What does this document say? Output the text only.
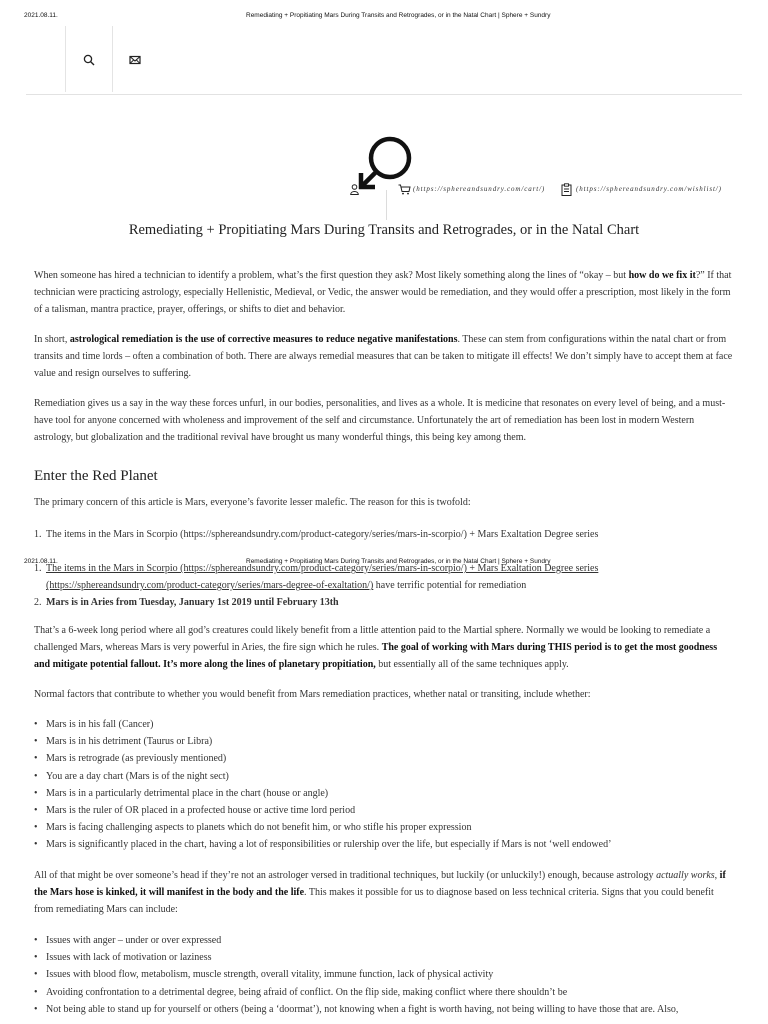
2021.08.11.	Remediating + Propitiating Mars During Transits and Retrogrades, or in the Natal Chart | Sphere + Sundry
(https://sphereandsundry.com/cart/)	(https://sphereandsundry.com/wishlist/)
Remediating + Propitiating Mars During Transits and Retrogrades, or in the Natal Chart

When someone has hired a technician to identify a problem, what’s the first question they ask? Most likely something along the lines of “okay – but how do we fix it?” If that technician were practicing astrology, especially Hellenistic, Medieval, or Vedic, the answer would be remediation, and they would offer a prescription, most likely in the form of a talisman, mantra practice, prayer, offerings, or shifts to diet and behavior.

In short, astrological remediation is the use of corrective measures to reduce negative manifestations. These can stem from configurations within the natal chart or from transits and time lords – often a combination of both. There are always remedial measures that can be taken to mitigate ill effects! We don’t simply have to accept them at face value and resign ourselves to suffering.

Remediation gives us a say in the way these forces unfurl, in our bodies, personalities, and lives as a whole. It is medicine that resonates on every level of being, and a must-have tool for anyone concerned with wholeness and improvement of the self and circumstance. Unfortunately the art of remediation has been lost in modern Western astrology, but globalization and the traditional revival have brought us many wonderful things, this being key among them.

Enter the Red Planet

The primary concern of this article is Mars, everyone’s favorite lesser malefic. The reason for this is twofold:

1. The items in the Mars in Scorpio (https://sphereandsundry.com/product-category/series/mars-in-scorpio/) + Mars Exaltation Degree series
2021.08.11.	Remediating + Propitiating Mars During Transits and Retrogrades, or in the Natal Chart | Sphere + Sundry
1. The items in the Mars in Scorpio (https://sphereandsundry.com/product-category/series/mars-in-scorpio/) + Mars Exaltation Degree series
(https://sphereandsundry.com/product-category/series/mars-degree-of-exaltation/) have terrific potential for remediation
2. Mars is in Aries from Tuesday, January 1st 2019 until February 13th

That’s a 6-week long period where all god’s creatures could likely benefit from a little attention paid to the Martial sphere. Normally we would be looking to remediate a challenged Mars, whereas Mars is very powerful in Aries, the fire sign which he rules. The goal of working with Mars during THIS period is to get the most goodness and mitigate potential fallout. It’s more along the lines of planetary propitiation, but essentially all of the same techniques apply.

Normal factors that contribute to whether you would benefit from Mars remediation practices, whether natal or transiting, include whether:

• Mars is in his fall (Cancer)
• Mars is in his detriment (Taurus or Libra)
• Mars is retrograde (as previously mentioned)
• You are a day chart (Mars is of the night sect)
• Mars is in a particularly detrimental place in the chart (house or angle)
• Mars is the ruler of OR placed in a profected house or active time lord period
• Mars is facing challenging aspects to planets which do not benefit him, or who stifle his proper expression
• Mars is significantly placed in the chart, having a lot of responsibilities or rulership over the life, but especially if Mars is not ‘well endowed’

All of that might be over someone’s head if they’re not an astrologer versed in traditional techniques, but luckily (or unluckily!) enough, because astrology actually works, if the Mars hose is kinked, it will manifest in the body and the life. This makes it possible for us to diagnose based on less technical criteria. Signs that you could benefit from remediating Mars can include:

• Issues with anger – under or over expressed
• Issues with lack of motivation or laziness
• Issues with blood flow, metabolism, muscle strength, overall vitality, immune function, lack of physical activity
• Avoiding confrontation to a detrimental degree, being afraid of conflict. On the flip side, making conflict where there shouldn’t be
• Not being able to stand up for yourself or others (being a ‘doormat’), not knowing when a fight is worth having, not being willing to have those that are. Also,
